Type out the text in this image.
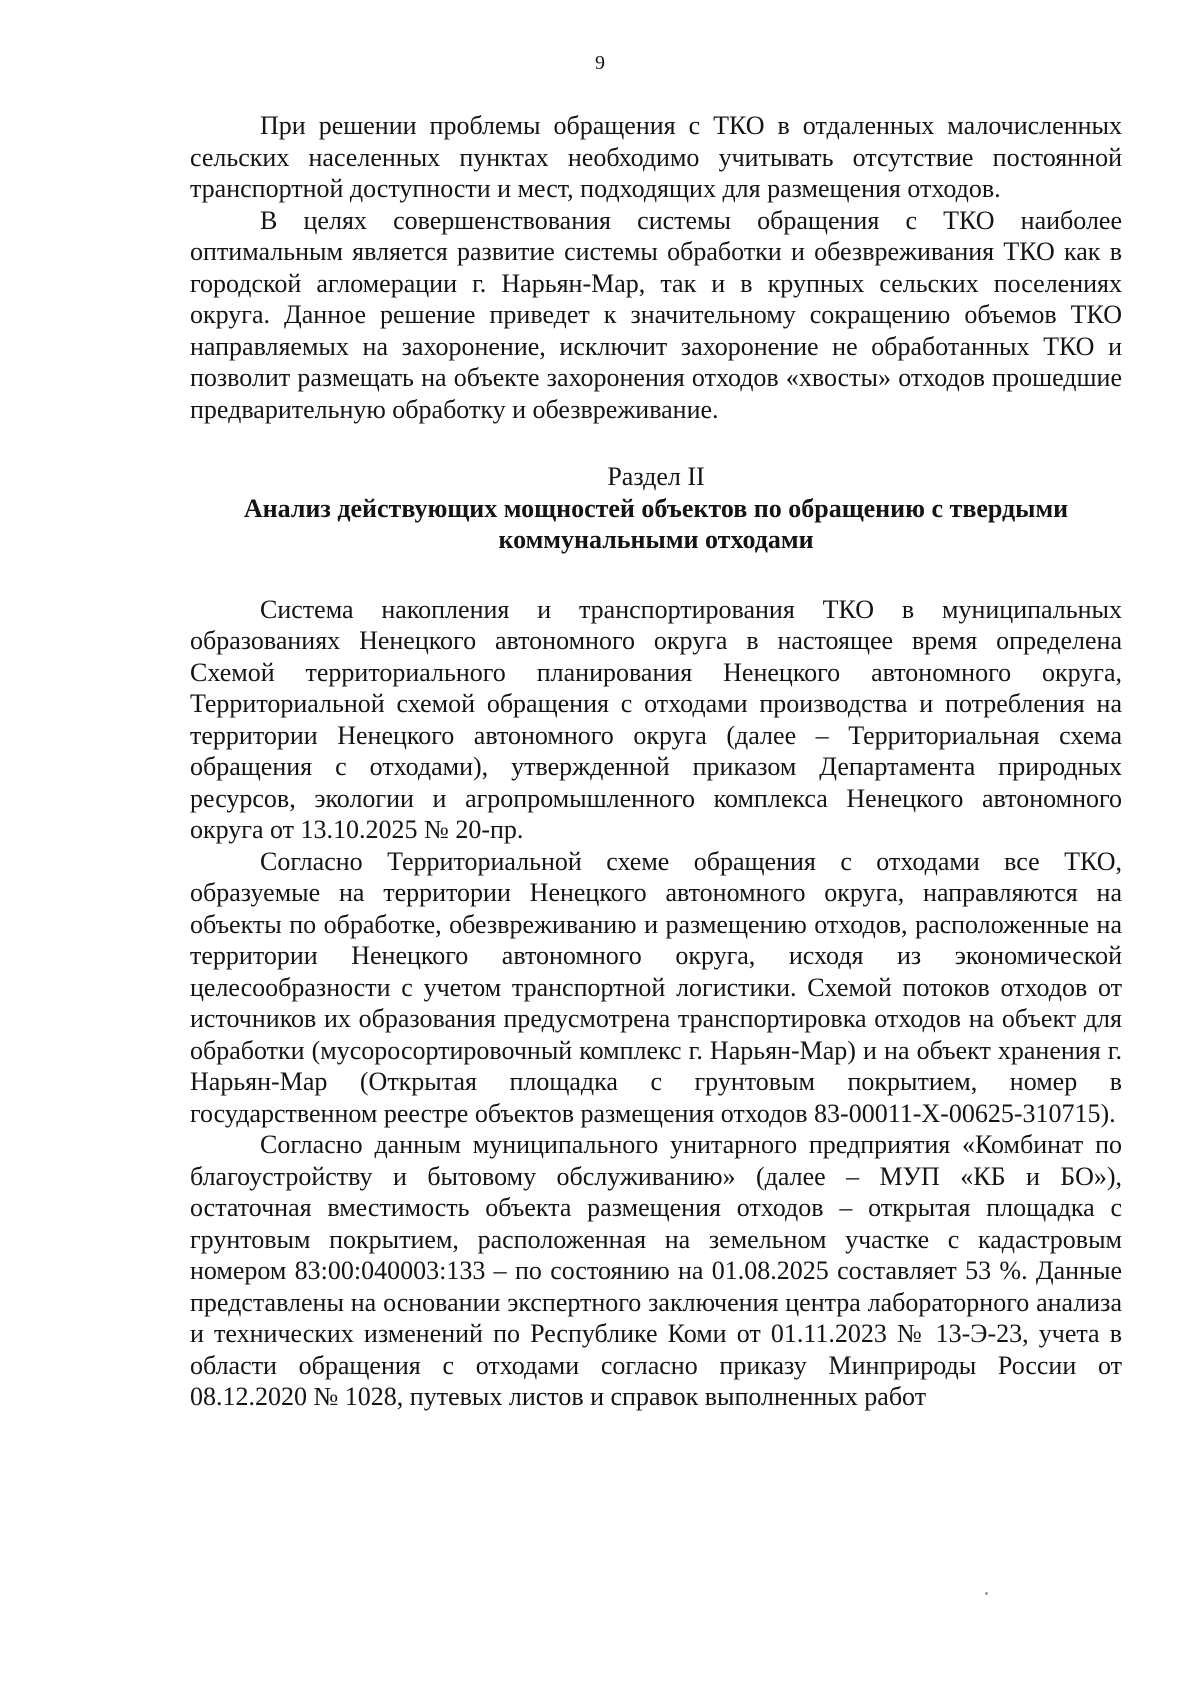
9

При решении проблемы обращения с ТКО в отдаленных малочисленных сельских населенных пунктах необходимо учитывать отсутствие постоянной транспортной доступности и мест, подходящих для размещения отходов.

В целях совершенствования системы обращения с ТКО наиболее оптимальным является развитие системы обработки и обезвреживания ТКО как в городской агломерации г. Нарьян-Мар, так и в крупных сельских поселениях округа. Данное решение приведет к значительному сокращению объемов ТКО направляемых на захоронение, исключит захоронение не обработанных ТКО и позволит размещать на объекте захоронения отходов «хвосты» отходов прошедшие предварительную обработку и обезвреживание.

Раздел II
Анализ действующих мощностей объектов по обращению с твердыми коммунальными отходами

Система накопления и транспортирования ТКО в муниципальных образованиях Ненецкого автономного округа в настоящее время определена Схемой территориального планирования Ненецкого автономного округа, Территориальной схемой обращения с отходами производства и потребления на территории Ненецкого автономного округа (далее – Территориальная схема обращения с отходами), утвержденной приказом Департамента природных ресурсов, экологии и агропромышленного комплекса Ненецкого автономного округа от 13.10.2025 № 20-пр.

Согласно Территориальной схеме обращения с отходами все ТКО, образуемые на территории Ненецкого автономного округа, направляются на объекты по обработке, обезвреживанию и размещению отходов, расположенные на территории Ненецкого автономного округа, исходя из экономической целесообразности с учетом транспортной логистики. Схемой потоков отходов от источников их образования предусмотрена транспортировка отходов на объект для обработки (мусоросортировочный комплекс г. Нарьян-Мар) и на объект хранения г. Нарьян-Мар (Открытая площадка с грунтовым покрытием, номер в государственном реестре объектов размещения отходов 83-00011-Х-00625-310715).

Согласно данным муниципального унитарного предприятия «Комбинат по благоустройству и бытовому обслуживанию» (далее – МУП «КБ и БО»), остаточная вместимость объекта размещения отходов – открытая площадка с грунтовым покрытием, расположенная на земельном участке с кадастровым номером 83:00:040003:133 – по состоянию на 01.08.2025 составляет 53 %. Данные представлены на основании экспертного заключения центра лабораторного анализа и технических изменений по Республике Коми от 01.11.2023 № 13-Э-23, учета в области обращения с отходами согласно приказу Минприроды России от 08.12.2020 № 1028, путевых листов и справок выполненных работ
